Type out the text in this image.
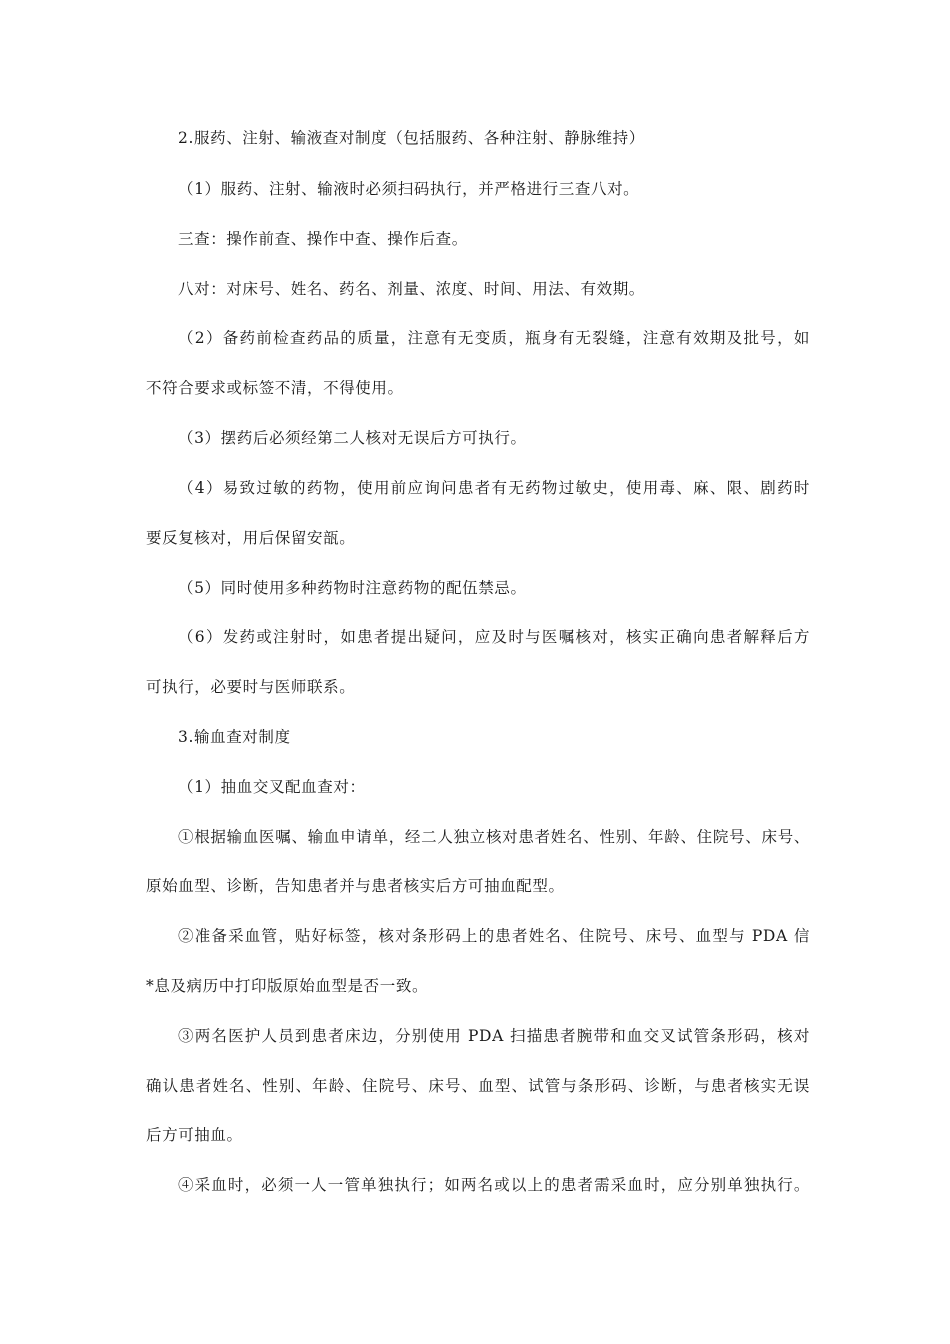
2.服药、注射、输液查对制度（包括服药、各种注射、静脉维持）
（1）服药、注射、输液时必须扫码执行，并严格进行三查八对。
三查：操作前查、操作中查、操作后查。
八对：对床号、姓名、药名、剂量、浓度、时间、用法、有效期。
（2）备药前检查药品的质量，注意有无变质，瓶身有无裂缝，注意有效期及批号，如
不符合要求或标签不清，不得使用。
（3）摆药后必须经第二人核对无误后方可执行。
（4）易致过敏的药物，使用前应询问患者有无药物过敏史，使用毒、麻、限、剧药时
要反复核对，用后保留安瓿。
（5）同时使用多种药物时注意药物的配伍禁忌。
（6）发药或注射时，如患者提出疑问，应及时与医嘱核对，核实正确向患者解释后方
可执行，必要时与医师联系。
3.输血查对制度
（1）抽血交叉配血查对：
①根据输血医嘱、输血申请单，经二人独立核对患者姓名、性别、年龄、住院号、床号、
原始血型、诊断，告知患者并与患者核实后方可抽血配型。
②准备采血管，贴好标签，核对条形码上的患者姓名、住院号、床号、血型与 PDA 信
*息及病历中打印版原始血型是否一致。
③两名医护人员到患者床边，分别使用 PDA 扫描患者腕带和血交叉试管条形码，核对
确认患者姓名、性别、年龄、住院号、床号、血型、试管与条形码、诊断，与患者核实无误
后方可抽血。
④采血时，必须一人一管单独执行；如两名或以上的患者需采血时，应分别单独执行。
